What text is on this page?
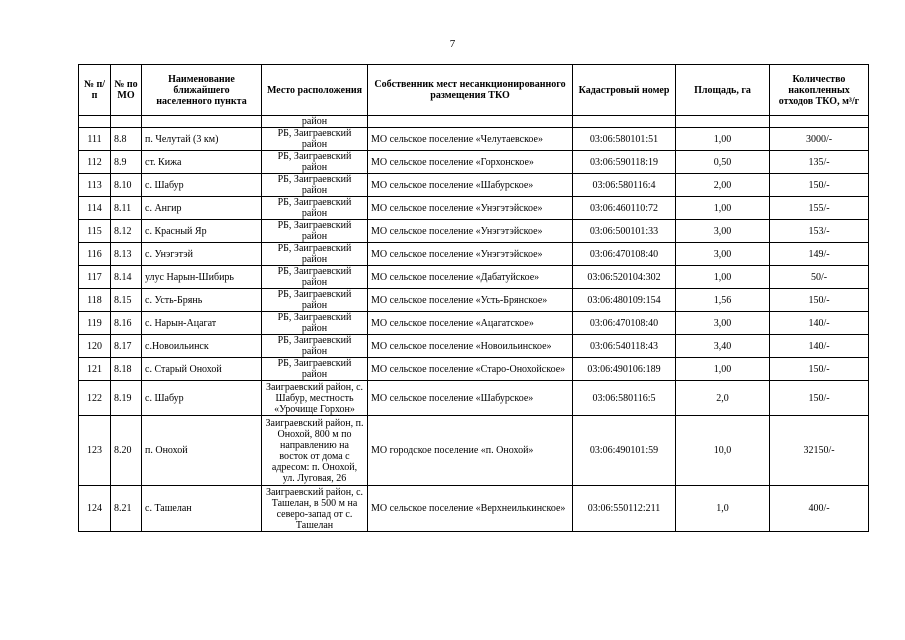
7
№ п/п	№ по МО	Наименование ближайшего населенного пункта	Место расположения	Собственник мест несанкционированного размещения ТКО	Кадастровый номер	Площадь, га	Количество накопленных отходов ТКО, м³/г
			район				
111	8.8	п. Челутай (3 км)	РБ, Заиграевский район	МО сельское поселение «Челутаевское»	03:06:580101:51	1,00	3000/-
112	8.9	ст. Кижа	РБ, Заиграевский район	МО сельское поселение «Горхонское»	03:06:590118:19	0,50	135/-
113	8.10	с. Шабур	РБ, Заиграевский район	МО сельское поселение «Шабурское»	03:06:580116:4	2,00	150/-
114	8.11	с. Ангир	РБ, Заиграевский район	МО сельское поселение «Унэгэтэйское»	03:06:460110:72	1,00	155/-
115	8.12	с. Красный Яр	РБ, Заиграевский район	МО сельское поселение «Унэгэтэйское»	03:06:500101:33	3,00	153/-
116	8.13	с. Унэгэтэй	РБ, Заиграевский район	МО сельское поселение «Унэгэтэйское»	03:06:470108:40	3,00	149/-
117	8.14	улус Нарын-Шибирь	РБ, Заиграевский район	МО сельское поселение «Дабатуйское»	03:06:520104:302	1,00	50/-
118	8.15	с. Усть-Брянь	РБ, Заиграевский район	МО сельское поселение «Усть-Брянское»	03:06:480109:154	1,56	150/-
119	8.16	с. Нарын-Ацагат	РБ, Заиграевский район	МО сельское поселение «Ацагатское»	03:06:470108:40	3,00	140/-
120	8.17	с.Новоильинск	РБ, Заиграевский район	МО сельское поселение «Новоильинское»	03:06:540118:43	3,40	140/-
121	8.18	с. Старый Онохой	РБ, Заиграевский район	МО сельское поселение «Старо-Онохойское»	03:06:490106:189	1,00	150/-
122	8.19	с. Шабур	Заиграевский район, с. Шабур, местность «Урочище Горхон»	МО сельское поселение «Шабурское»	03:06:580116:5	2,0	150/-
123	8.20	п. Онохой	Заиграевский район, п. Онохой, 800 м по направлению на восток от дома с адресом: п. Онохой, ул. Луговая, 26	МО городское поселение «п. Онохой»	03:06:490101:59	10,0	32150/-
124	8.21	с. Ташелан	Заиграевский район, с. Ташелан, в 500 м на северо-запад от с. Ташелан	МО сельское поселение «Верхнеилькинское»	03:06:550112:211	1,0	400/-
